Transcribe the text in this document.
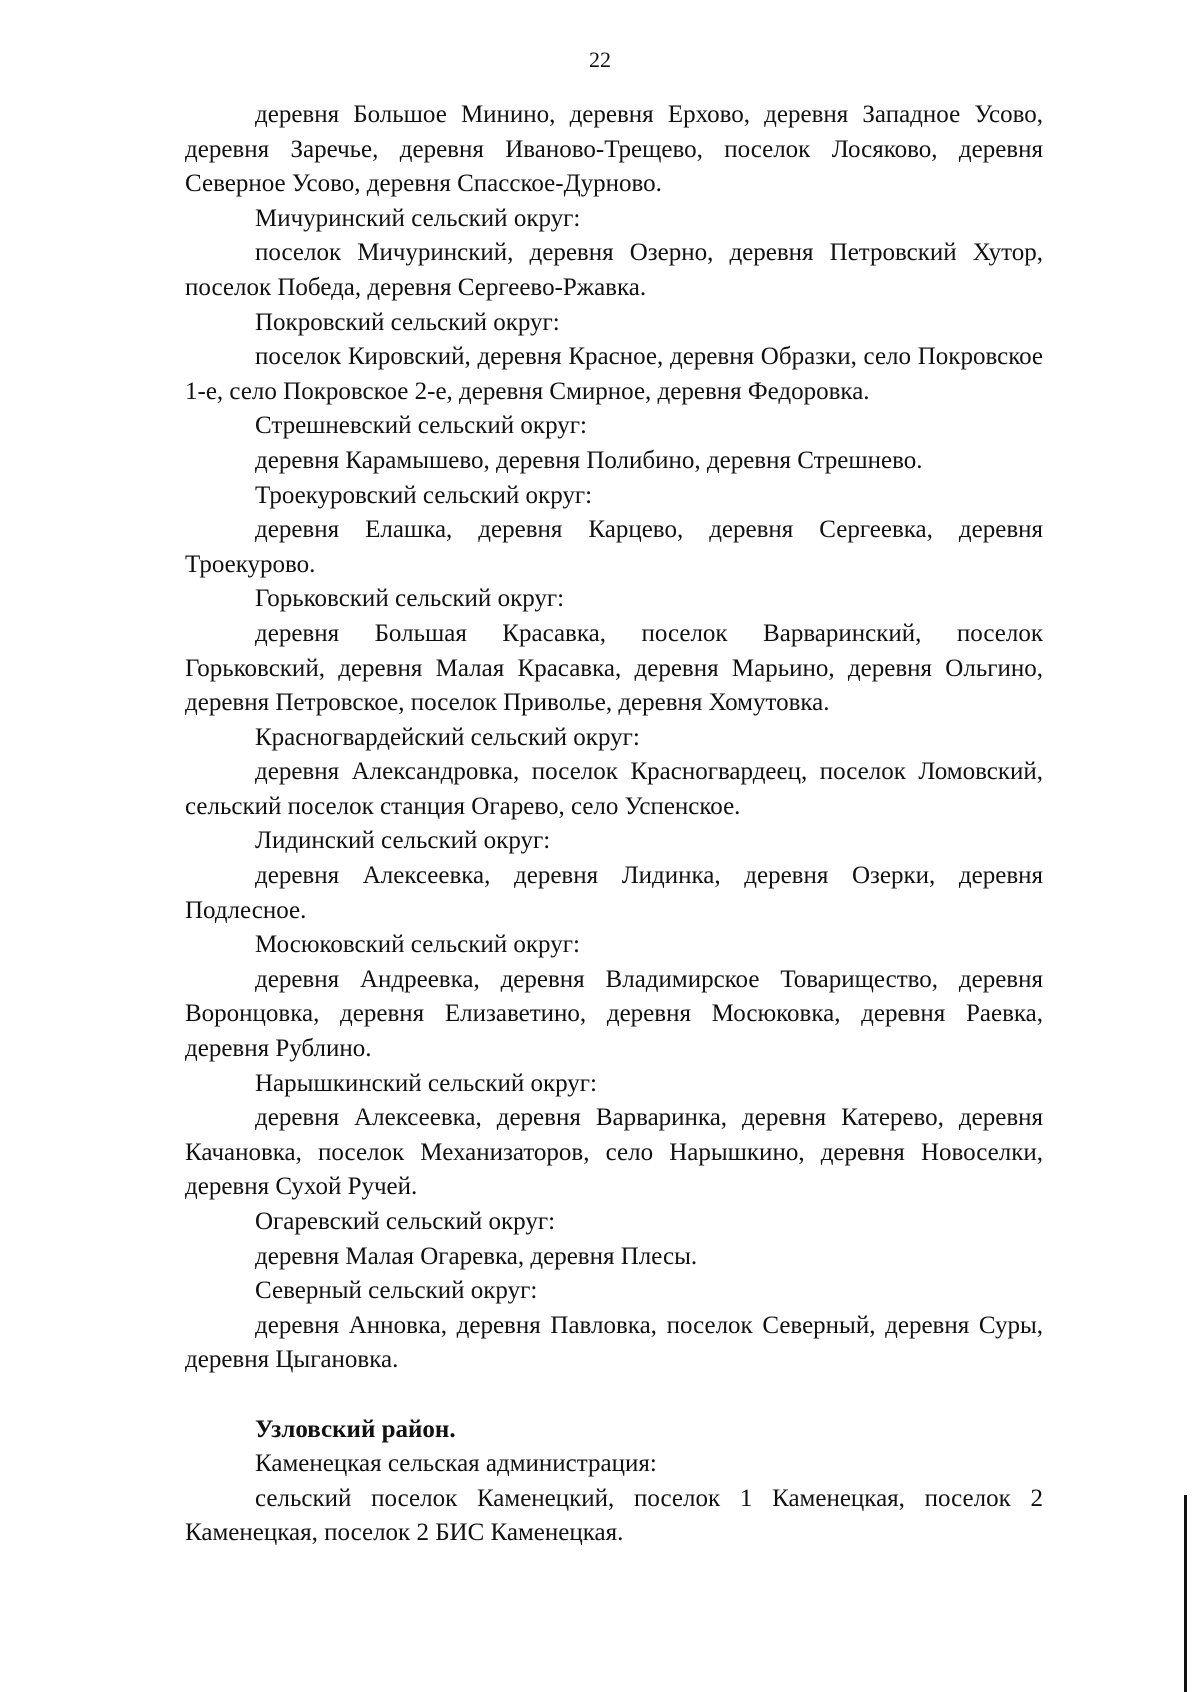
22

деревня Большое Минино, деревня Ерхово, деревня Западное Усово, деревня Заречье, деревня Иваново-Трещево, поселок Лосяково, деревня Северное Усово, деревня Спасское-Дурново.

Мичуринский сельский округ:

поселок Мичуринский, деревня Озерно, деревня Петровский Хутор, поселок Победа, деревня Сергеево-Ржавка.

Покровский сельский округ:

поселок Кировский, деревня Красное, деревня Образки, село Покровское 1-е, село Покровское 2-е, деревня Смирное, деревня Федоровка.

Стрешневский сельский округ:

деревня Карамышево, деревня Полибино, деревня Стрешнево.

Троекуровский сельский округ:

деревня Елашка, деревня Карцево, деревня Сергеевка, деревня Троекурово.

Горьковский сельский округ:

деревня Большая Красавка, поселок Варваринский, поселок Горьковский, деревня Малая Красавка, деревня Марьино, деревня Ольгино, деревня Петровское, поселок Приволье, деревня Хомутовка.

Красногвардейский сельский округ:

деревня Александровка, поселок Красногвардеец, поселок Ломовский, сельский поселок станция Огарево, село Успенское.

Лидинский сельский округ:

деревня Алексеевка, деревня Лидинка, деревня Озерки, деревня Подлесное.

Мосюковский сельский округ:

деревня Андреевка, деревня Владимирское Товарищество, деревня Воронцовка, деревня Елизаветино, деревня Мосюковка, деревня Раевка, деревня Рублино.

Нарышкинский сельский округ:

деревня Алексеевка, деревня Варваринка, деревня Катерево, деревня Качановка, поселок Механизаторов, село Нарышкино, деревня Новоселки, деревня Сухой Ручей.

Огаревский сельский округ:

деревня Малая Огаревка, деревня Плесы.

Северный сельский округ:

деревня Анновка, деревня Павловка, поселок Северный, деревня Суры, деревня Цыгановка.

Узловский район.

Каменецкая сельская администрация:

сельский поселок Каменецкий, поселок 1 Каменецкая, поселок 2 Каменецкая, поселок 2 БИС Каменецкая.
